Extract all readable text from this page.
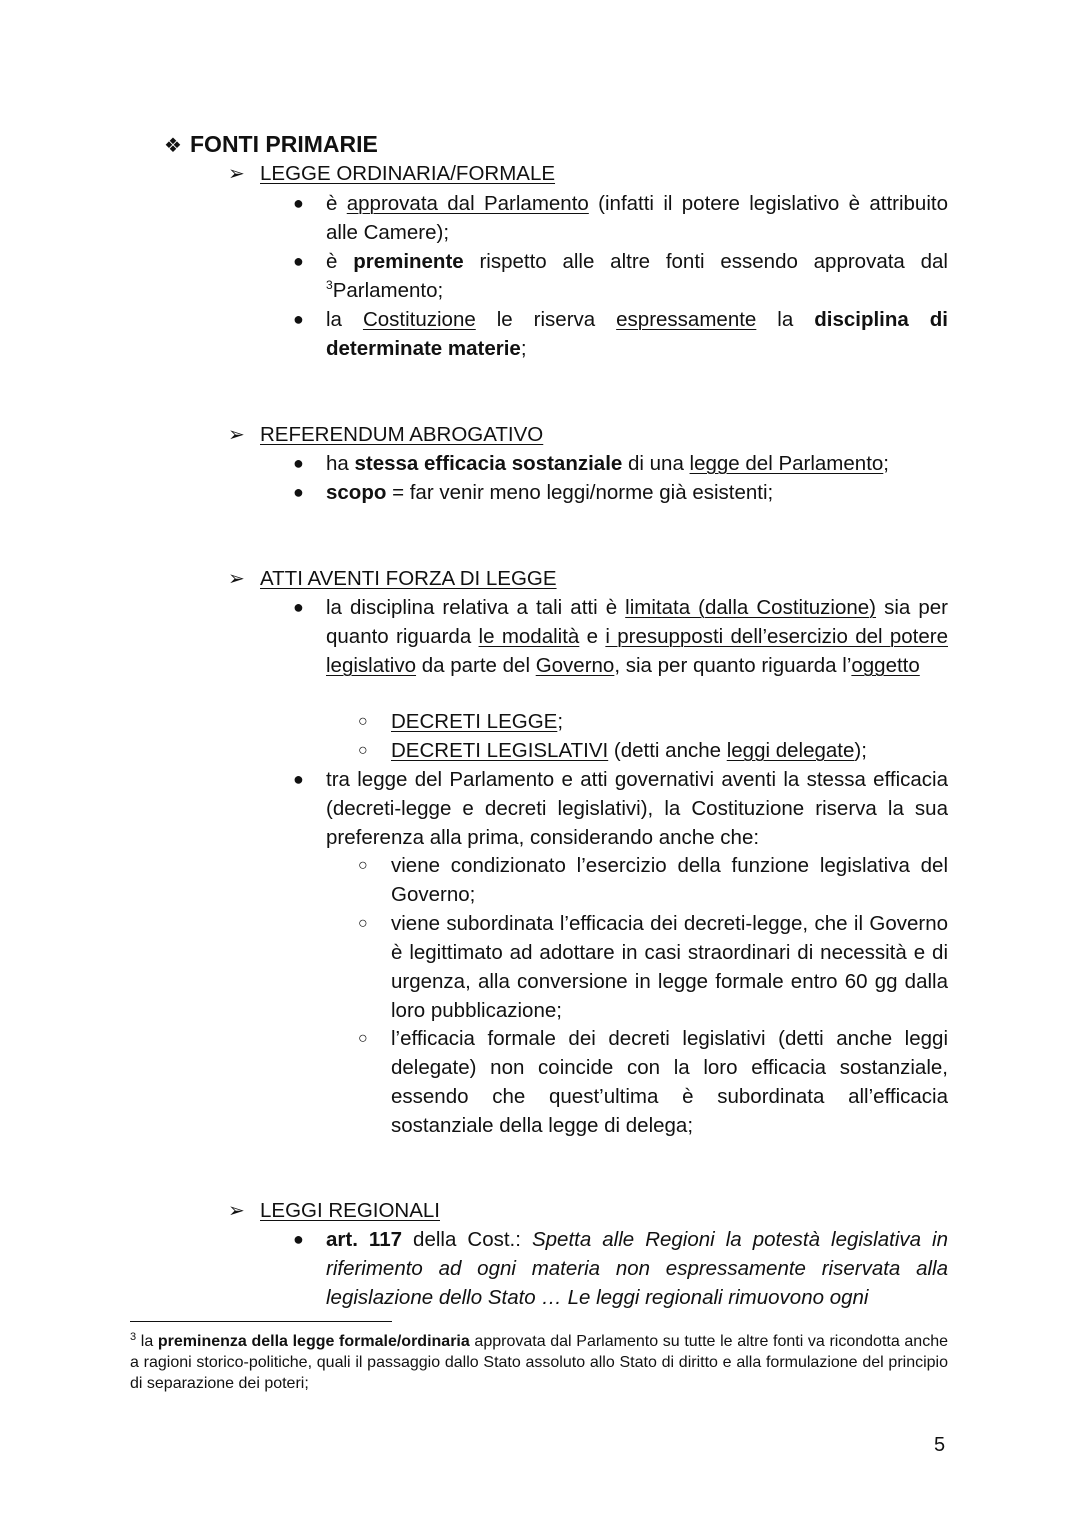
❖ FONTI PRIMARIE
➢ LEGGE ORDINARIA/FORMALE
● è approvata dal Parlamento (infatti il potere legislativo è attribuito alle Camere);
● è preminente rispetto alle altre fonti essendo approvata dal $^3$Parlamento;
● la Costituzione le riserva espressamente la disciplina di determinate materie;
➢ REFERENDUM ABROGATIVO
● ha stessa efficacia sostanziale di una legge del Parlamento;
● scopo = far venir meno leggi/norme già esistenti;
➢ ATTI AVENTI FORZA DI LEGGE
● la disciplina relativa a tali atti è limitata (dalla Costituzione) sia per quanto riguarda le modalità e i presupposti dell’esercizio del potere legislativo da parte del Governo, sia per quanto riguarda l’oggetto
○	DECRETI LEGGE;
○	DECRETI LEGISLATIVI (detti anche leggi delegate);
● tra legge del Parlamento e atti governativi aventi la stessa efficacia (decreti-legge e decreti legislativi), la Costituzione riserva la sua preferenza alla prima, considerando anche che:
○	viene condizionato l’esercizio della funzione legislativa del Governo;
○	viene subordinata l’efficacia dei decreti-legge, che il Governo è legittimato ad adottare in casi straordinari di necessità e di urgenza, alla conversione in legge formale entro 60 gg dalla loro pubblicazione;
○	l’efficacia formale dei decreti legislativi (detti anche leggi delegate) non coincide con la loro efficacia sostanziale, essendo che quest’ultima è subordinata all’efficacia sostanziale della legge di delega;
➢ LEGGI REGIONALI
● art. 117 della Cost.: Spetta alle Regioni la potestà legislativa in riferimento ad ogni materia non espressamente riservata alla legislazione dello Stato … Le leggi regionali rimuovono ogni
$^3$ la preminenza della legge formale/ordinaria approvata dal Parlamento su tutte le altre fonti va ricondotta anche a ragioni storico-politiche, quali il passaggio dallo Stato assoluto allo Stato di diritto e alla formulazione del principio di separazione dei poteri;
5
